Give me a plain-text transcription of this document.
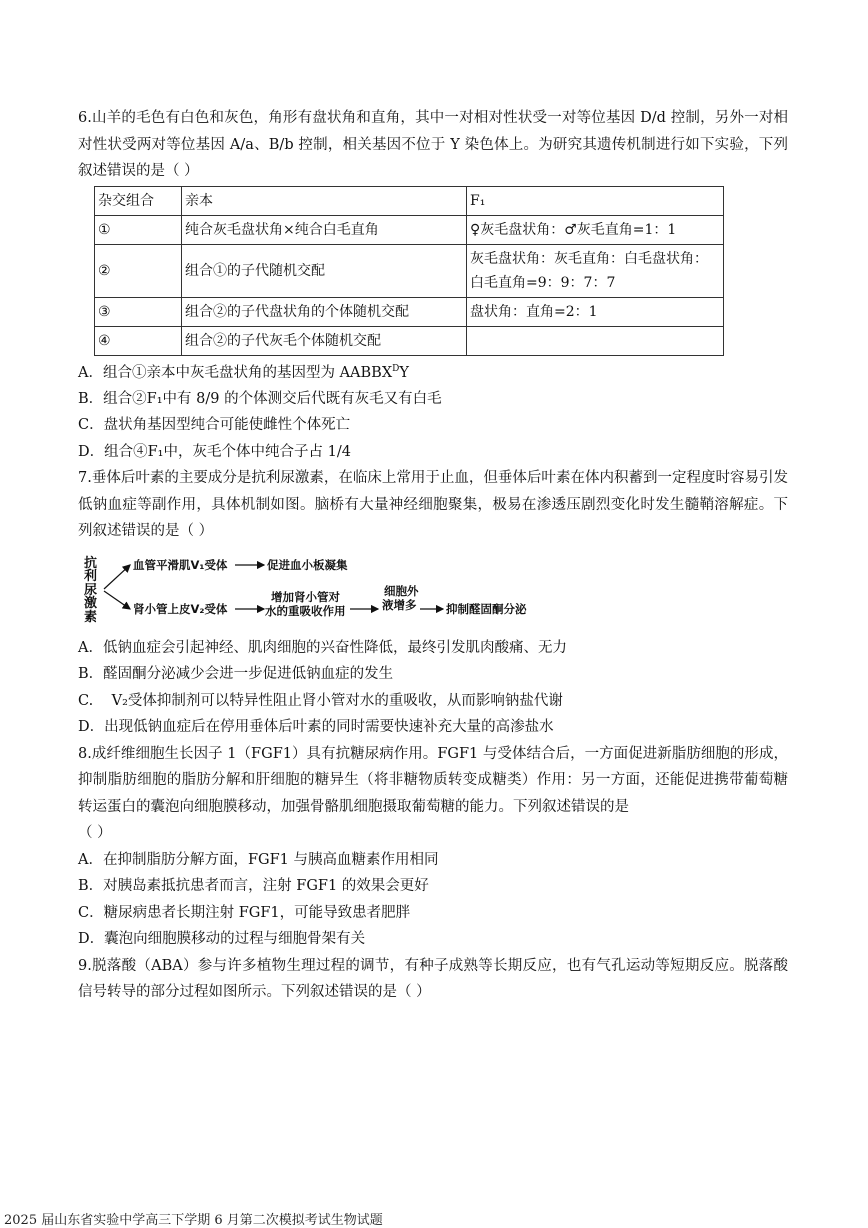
6.山羊的毛色有白色和灰色，角形有盘状角和直角，其中一对相对性状受一对等位基因 D/d 控制，另外一对相对性状受两对等位基因 A/a、B/b 控制，相关基因不位于 Y 染色体上。为研究其遗传机制进行如下实验，下列叙述错误的是（ ）

杂交组合	亲本	F₁
①	纯合灰毛盘状角×纯合白毛直角	♀灰毛盘状角：♂灰毛直角=1：1
②	组合①的子代随机交配	灰毛盘状角：灰毛直角：白毛盘状角：白毛直角=9：9：7：7
③	组合②的子代盘状角的个体随机交配	盘状角：直角=2：1
④	组合②的子代灰毛个体随机交配	

A．组合①亲本中灰毛盘状角的基因型为 $AABBX^DY$

B．组合②F₁中有 8/9 的个体测交后代既有灰毛又有白毛

C．盘状角基因型纯合可能使雌性个体死亡

D．组合④F₁中，灰毛个体中纯合子占 1/4

7.垂体后叶素的主要成分是抗利尿激素，在临床上常用于止血，但垂体后叶素在体内积蓄到一定程度时容易引发低钠血症等副作用，具体机制如图。脑桥有大量神经细胞聚集，极易在渗透压剧烈变化时发生髓鞘溶解症。下列叙述错误的是（ ）

抗利尿激素
血管平滑肌V₁受体	促进血小板凝集
肾小管上皮V₂受体
增加肾小管对
水的重吸收作用
细胞外
液增多	抑制醛固酮分泌

A．低钠血症会引起神经、肌肉细胞的兴奋性降低，最终引发肌肉酸痛、无力

B．醛固酮分泌减少会进一步促进低钠血症的发生

C.    V₂受体抑制剂可以特异性阻止肾小管对水的重吸收，从而影响钠盐代谢

D．出现低钠血症后在停用垂体后叶素的同时需要快速补充大量的高渗盐水

8.成纤维细胞生长因子 1（FGF1）具有抗糖尿病作用。FGF1 与受体结合后，一方面促进新脂肪细胞的形成，抑制脂肪细胞的脂肪分解和肝细胞的糖异生（将非糖物质转变成糖类）作用：另一方面，还能促进携带葡萄糖转运蛋白的囊泡向细胞膜移动，加强骨骼肌细胞摄取葡萄糖的能力。下列叙述错误的是

（ ）

A．在抑制脂肪分解方面，FGF1 与胰高血糖素作用相同

B．对胰岛素抵抗患者而言，注射 FGF1 的效果会更好

C．糖尿病患者长期注射 FGF1，可能导致患者肥胖

D．囊泡向细胞膜移动的过程与细胞骨架有关

9.脱落酸（ABA）参与许多植物生理过程的调节，有种子成熟等长期反应，也有气孔运动等短期反应。脱落酸信号转导的部分过程如图所示。下列叙述错误的是（ ）

2025 届山东省实验中学高三下学期 6 月第二次模拟考试生物试题
